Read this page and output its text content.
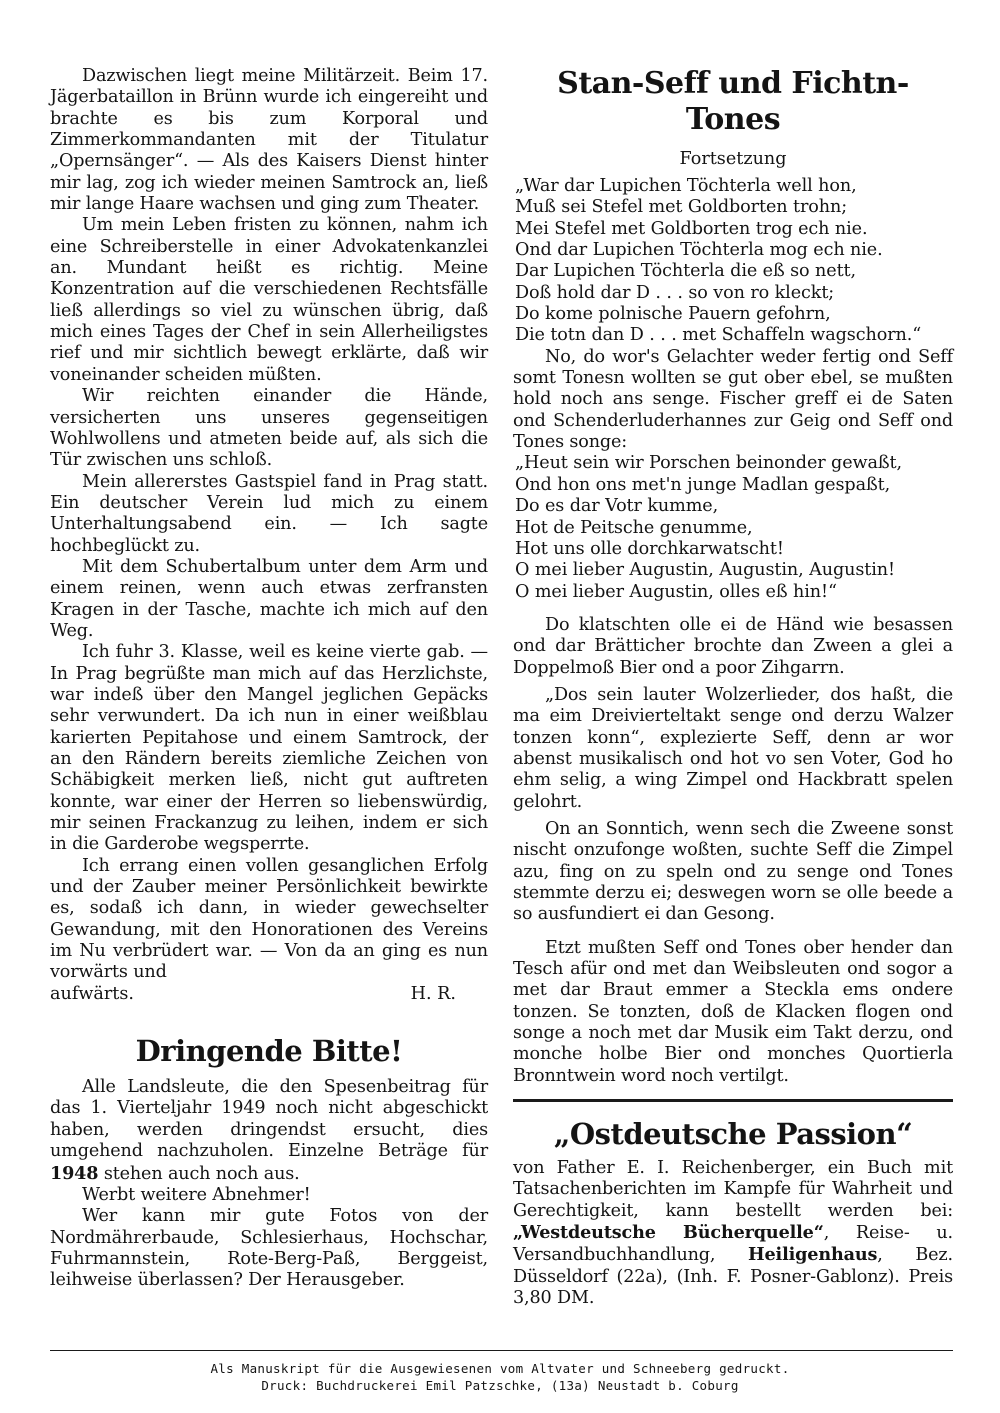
Dazwischen liegt meine Militärzeit. Beim 17. Jägerbataillon in Brünn wurde ich eingereiht und brachte es bis zum Korporal und Zimmerkommandanten mit der Titulatur „Opernsänger“. — Als des Kaisers Dienst hinter mir lag, zog ich wieder meinen Samtrock an, ließ mir lange Haare wachsen und ging zum Theater.

Um mein Leben fristen zu können, nahm ich eine Schreiberstelle in einer Advokatenkanzlei an. Mundant heißt es richtig. Meine Konzentration auf die verschiedenen Rechtsfälle ließ allerdings so viel zu wünschen übrig, daß mich eines Tages der Chef in sein Allerheiligstes rief und mir sichtlich bewegt erklärte, daß wir voneinander scheiden müßten.

Wir reichten einander die Hände, versicherten uns unseres gegenseitigen Wohlwollens und atmeten beide auf, als sich die Tür zwischen uns schloß.

Mein allererstes Gastspiel fand in Prag statt. Ein deutscher Verein lud mich zu einem Unterhaltungsabend ein. — Ich sagte hochbeglückt zu.

Mit dem Schubertalbum unter dem Arm und einem reinen, wenn auch etwas zerfransten Kragen in der Tasche, machte ich mich auf den Weg.

Ich fuhr 3. Klasse, weil es keine vierte gab. — In Prag begrüßte man mich auf das Herzlichste, war indeß über den Mangel jeglichen Gepäcks sehr verwundert. Da ich nun in einer weißblau karierten Pepitahose und einem Samtrock, der an den Rändern bereits ziemliche Zeichen von Schäbigkeit merken ließ, nicht gut auftreten konnte, war einer der Herren so liebenswürdig, mir seinen Frackanzug zu leihen, indem er sich in die Garderobe wegsperrte.

Ich errang einen vollen gesanglichen Erfolg und der Zauber meiner Persönlichkeit bewirkte es, sodaß ich dann, in wieder gewechselter Gewandung, mit den Honorationen des Vereins im Nu verbrüdert war. — Von da an ging es nun vorwärts und

aufwärts.	H. R.
Dringende Bitte!

Alle Landsleute, die den Spesenbeitrag für das 1. Vierteljahr 1949 noch nicht abgeschickt haben, werden dringendst ersucht, dies umgehend nachzuholen. Einzelne Beträge für 1948 stehen auch noch aus.

Werbt weitere Abnehmer!

Wer kann mir gute Fotos von der Nordmährerbaude, Schlesierhaus, Hochschar, Fuhrmannstein, Rote-Berg-Paß, Berggeist, leihweise überlassen? Der Herausgeber.

Stan-Seff und Fichtn-Tones
Fortsetzung
„War dar Lupichen Töchterla well hon,
Muß sei Stefel met Goldborten trohn;
Mei Stefel met Goldborten trog ech nie.
Ond dar Lupichen Töchterla mog ech nie.
Dar Lupichen Töchterla die eß so nett,
Doß hold dar D . . . so von ro kleckt;
Do kome polnische Pauern gefohrn,
Die totn dan D . . . met Schaffeln wagschorn.“

No, do wor's Gelachter weder fertig ond Seff somt Tonesn wollten se gut ober ebel, se mußten hold noch ans senge. Fischer greff ei de Saten ond Schenderluderhannes zur Geig ond Seff ond Tones songe:

„Heut sein wir Porschen beinonder gewaßt,
Ond hon ons met'n junge Madlan gespaßt,
Do es dar Votr kumme,
Hot de Peitsche genumme,
Hot uns olle dorchkarwatscht!
O mei lieber Augustin, Augustin, Augustin!
O mei lieber Augustin, olles eß hin!“

Do klatschten olle ei de Händ wie besassen ond dar Brätticher brochte dan Zween a glei a Doppelmoß Bier ond a poor Zihgarrn.

„Dos sein lauter Wolzerlieder, dos haßt, die ma eim Dreivierteltakt senge ond derzu Walzer tonzen konn“, explezierte Seff, denn ar wor abenst musikalisch ond hot vo sen Voter, God ho ehm selig, a wing Zimpel ond Hackbratt spelen gelohrt.

On an Sonntich, wenn sech die Zweene sonst nischt onzufonge woßten, suchte Seff die Zimpel azu, fing on zu speln ond zu senge ond Tones stemmte derzu ei; deswegen worn se olle beede a so ausfundiert ei dan Gesong.

Etzt mußten Seff ond Tones ober hender dan Tesch afür ond met dan Weibsleuten ond sogor a met dar Braut emmer a Steckla ems ondere tonzen. Se tonzten, doß de Klacken flogen ond songe a noch met dar Musik eim Takt derzu, ond monche holbe Bier ond monches Quortierla Bronntwein word noch vertilgt.

„Ostdeutsche Passion“

von Father E. I. Reichenberger, ein Buch mit Tatsachenberichten im Kampfe für Wahrheit und Gerechtigkeit, kann bestellt werden bei: „Westdeutsche Bücherquelle“, Reise- u. Versandbuchhandlung, Heiligenhaus, Bez. Düsseldorf (22a), (Inh. F. Posner-Gablonz). Preis 3,80 DM.

Als Manuskript für die Ausgewiesenen vom Altvater und Schneeberg gedruckt.
Druck: Buchdruckerei Emil Patzschke, (13a) Neustadt b. Coburg
